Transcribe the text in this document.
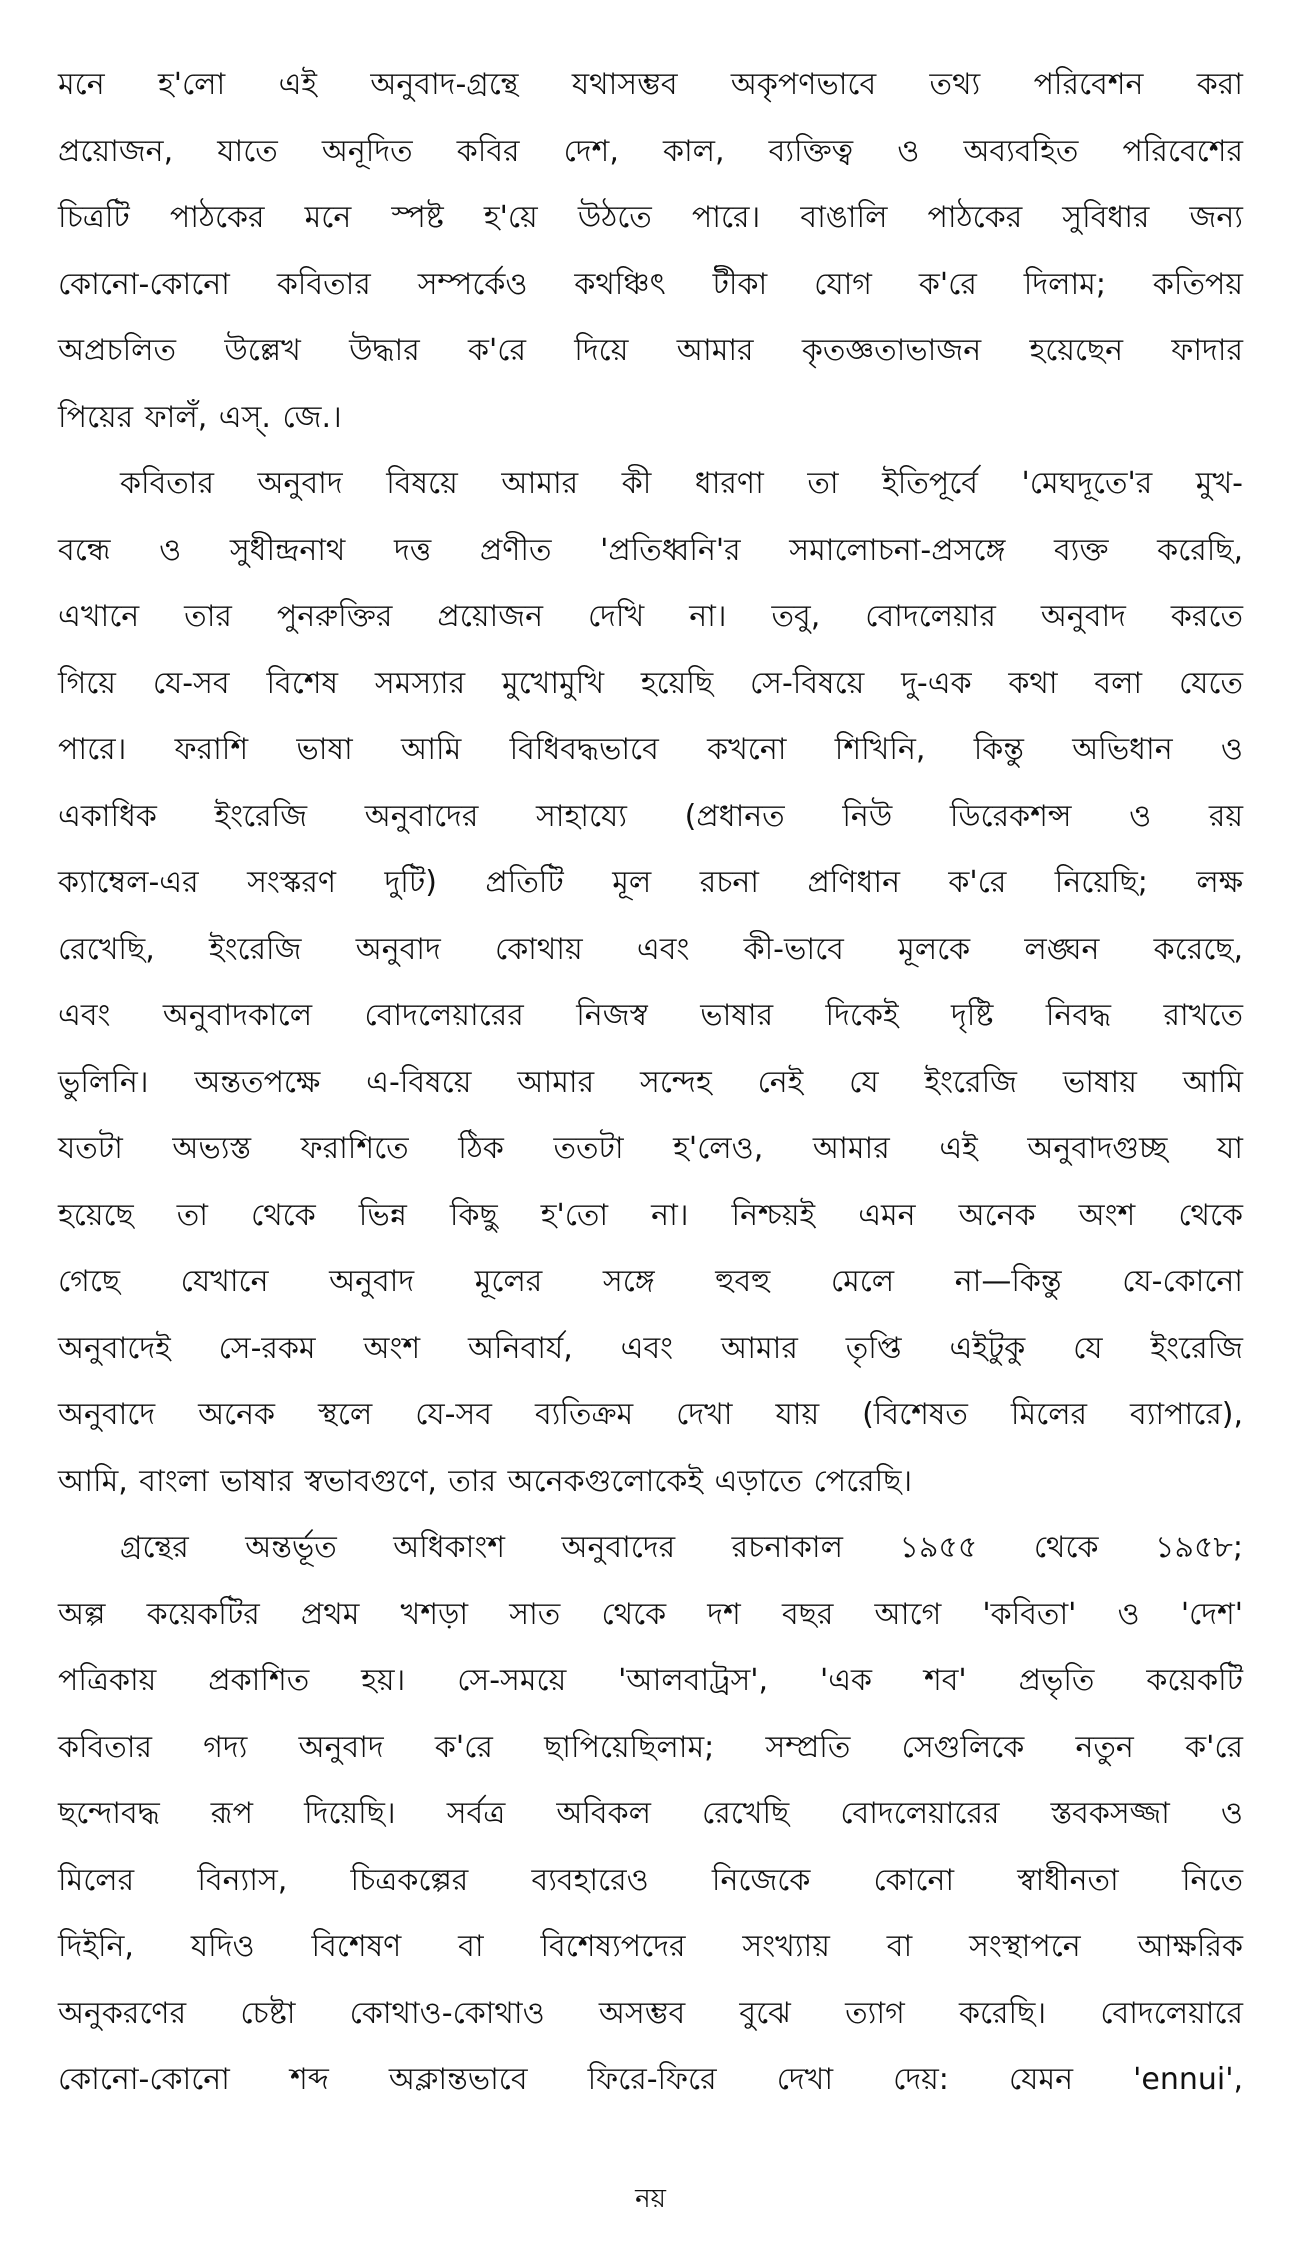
মনে হ'লো এই অনুবাদ-গ্রন্থে যথাসম্ভব অকৃপণভাবে তথ্য পরিবেশন করা
প্রয়োজন, যাতে অনূদিত কবির দেশ, কাল, ব্যক্তিত্ব ও অব্যবহিত পরিবেশের
চিত্রটি পাঠকের মনে স্পষ্ট হ'য়ে উঠতে পারে। বাঙালি পাঠকের সুবিধার জন্য
কোনো-কোনো কবিতার সম্পর্কেও কথঞ্চিৎ টীকা যোগ ক'রে দিলাম; কতিপয়
অপ্রচলিত উল্লেখ উদ্ধার ক'রে দিয়ে আমার কৃতজ্ঞতাভাজন হয়েছেন ফাদার
পিয়ের ফালঁ, এস্. জে.।

কবিতার অনুবাদ বিষয়ে আমার কী ধারণা তা ইতিপূর্বে 'মেঘদূতে'র মুখ-
বন্ধে ও সুধীন্দ্রনাথ দত্ত প্রণীত 'প্রতিধ্বনি'র সমালোচনা-প্রসঙ্গে ব্যক্ত করেছি,
এখানে তার পুনরুক্তির প্রয়োজন দেখি না। তবু, বোদলেয়ার অনুবাদ করতে
গিয়ে যে-সব বিশেষ সমস্যার মুখোমুখি হয়েছি সে-বিষয়ে দু-এক কথা বলা যেতে
পারে। ফরাশি ভাষা আমি বিধিবদ্ধভাবে কখনো শিখিনি, কিন্তু অভিধান ও
একাধিক ইংরেজি অনুবাদের সাহায্যে (প্রধানত নিউ ডিরেকশন্স ও রয়
ক্যাম্বেল-এর সংস্করণ দুটি) প্রতিটি মূল রচনা প্রণিধান ক'রে নিয়েছি; লক্ষ
রেখেছি, ইংরেজি অনুবাদ কোথায় এবং কী-ভাবে মূলকে লঙ্ঘন করেছে,
এবং অনুবাদকালে বোদলেয়ারের নিজস্ব ভাষার দিকেই দৃষ্টি নিবদ্ধ রাখতে
ভুলিনি। অন্ততপক্ষে এ-বিষয়ে আমার সন্দেহ নেই যে ইংরেজি ভাষায় আমি
যতটা অভ্যস্ত ফরাশিতে ঠিক ততটা হ'লেও, আমার এই অনুবাদগুচ্ছ যা
হয়েছে তা থেকে ভিন্ন কিছু হ'তো না। নিশ্চয়ই এমন অনেক অংশ থেকে
গেছে যেখানে অনুবাদ মূলের সঙ্গে হুবহু মেলে না—কিন্তু যে-কোনো
অনুবাদেই সে-রকম অংশ অনিবার্য, এবং আমার তৃপ্তি এইটুকু যে ইংরেজি
অনুবাদে অনেক স্থলে যে-সব ব্যতিক্রম দেখা যায় (বিশেষত মিলের ব্যাপারে),
আমি, বাংলা ভাষার স্বভাবগুণে, তার অনেকগুলোকেই এড়াতে পেরেছি।

গ্রন্থের অন্তর্ভূত অধিকাংশ অনুবাদের রচনাকাল ১৯৫৫ থেকে ১৯৫৮;
অল্প কয়েকটির প্রথম খশড়া সাত থেকে দশ বছর আগে 'কবিতা' ও 'দেশ'
পত্রিকায় প্রকাশিত হয়। সে-সময়ে 'আলবাট্রস', 'এক শব' প্রভৃতি কয়েকটি
কবিতার গদ্য অনুবাদ ক'রে ছাপিয়েছিলাম; সম্প্রতি সেগুলিকে নতুন ক'রে
ছন্দোবদ্ধ রূপ দিয়েছি। সর্বত্র অবিকল রেখেছি বোদলেয়ারের স্তবকসজ্জা ও
মিলের বিন্যাস, চিত্রকল্পের ব্যবহারেও নিজেকে কোনো স্বাধীনতা নিতে
দিইনি, যদিও বিশেষণ বা বিশেষ্যপদের সংখ্যায় বা সংস্থাপনে আক্ষরিক
অনুকরণের চেষ্টা কোথাও-কোথাও অসম্ভব বুঝে ত্যাগ করেছি। বোদলেয়ারে
কোনো-কোনো শব্দ অক্লান্তভাবে ফিরে-ফিরে দেখা দেয়: যেমন 'ennui',

নয়
